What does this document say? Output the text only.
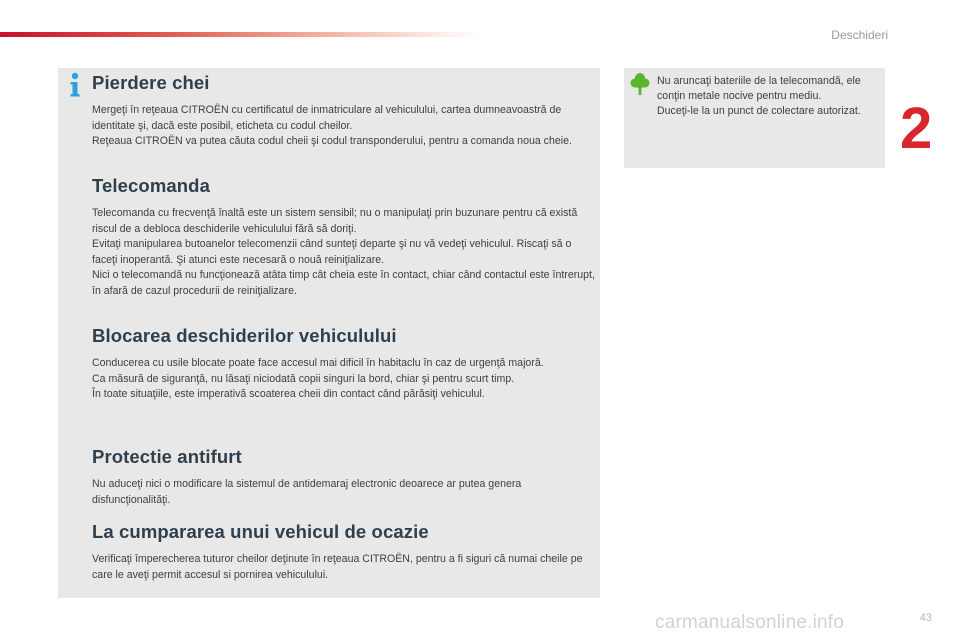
Deschideri
2
Pierdere chei

Mergeţi în reţeaua CITROËN cu certificatul de inmatriculare al vehiculului, cartea dumneavoastră de identitate şi, dacă este posibil, eticheta cu codul cheilor.
Reţeaua CITROËN va putea căuta codul cheii şi codul transponderului, pentru a comanda noua cheie.

Telecomanda

Telecomanda cu frecvenţă înaltă este un sistem sensibil; nu o manipulaţi prin buzunare pentru că există riscul de a debloca deschiderile vehiculului fără să doriţi.
Evitaţi manipularea butoanelor telecomenzii când sunteţi departe şi nu vă vedeţi vehiculul. Riscaţi să o faceţi inoperantă. Şi atunci este necesară o nouă reiniţializare.
Nici o telecomandă nu funcţionează atâta timp cât cheia este în contact, chiar când contactul este întrerupt, în afară de cazul procedurii de reiniţializare.

Blocarea deschiderilor vehiculului

Conducerea cu usile blocate poate face accesul mai dificil în habitaclu în caz de urgenţă majoră.
Ca măsură de siguranţă, nu lăsaţi niciodată copii singuri la bord, chiar şi pentru scurt timp.
În toate situaţiile, este imperativă scoaterea cheii din contact când părăsiţi vehiculul.

Protectie antifurt

Nu aduceţi nici o modificare la sistemul de antidemaraj electronic deoarece ar putea genera disfuncţionalităţi.

La cumpararea unui vehicul de ocazie

Verificaţi împerecherea tuturor cheilor deţinute în reţeaua CITROËN, pentru a fi siguri că numai cheile pe care le aveţi permit accesul si pornirea vehiculului.

Nu aruncaţi bateriile de la telecomandă, ele conţin metale nocive pentru mediu.
Duceţi-le la un punct de colectare autorizat.

carmanualsonline.info	43
